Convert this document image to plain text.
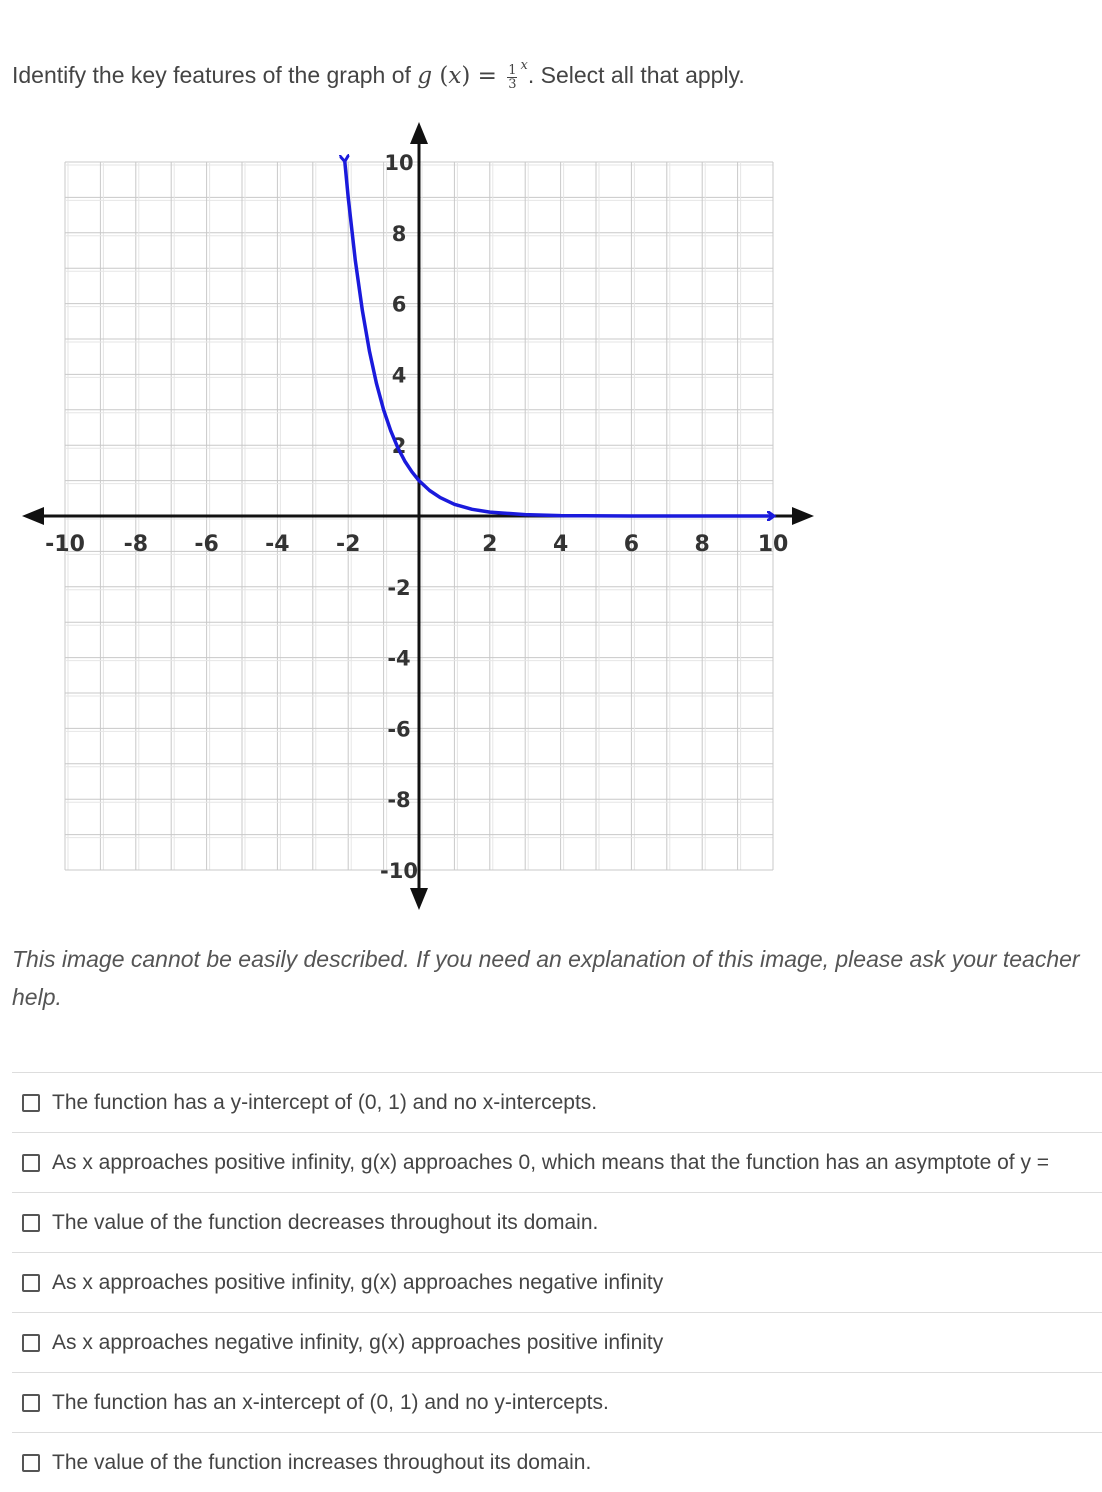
Identify the key features of the graph of g $(x) = \frac{1}{3} ^x$. Select all that apply.
-10 -8 -6 -4 -2	2	4	6	8 10
10
8
6
4
2
-2
-4
-6
-8
-10
This image cannot be easily described. If you need an explanation of this image, please ask your teacher help.
The function has a y-intercept of (0, 1) and no x-intercepts.
As x approaches positive infinity, g(x) approaches 0, which means that the function has an asymptote of y =
The value of the function decreases throughout its domain.
As x approaches positive infinity, g(x) approaches negative infinity
As x approaches negative infinity, g(x) approaches positive infinity
The function has an x-intercept of (0, 1) and no y-intercepts.
The value of the function increases throughout its domain.
